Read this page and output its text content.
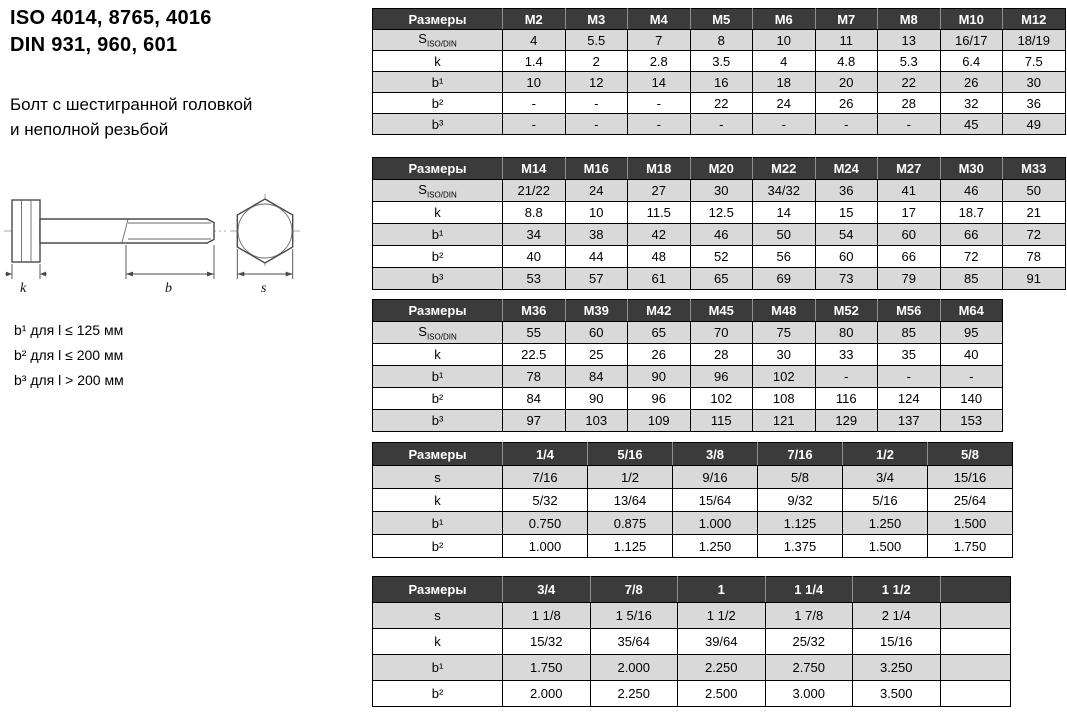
ISO 4014, 8765, 4016
DIN 931, 960, 601
Болт с шестигранной головкой
и неполной резьбой
k	b	s
b¹ для l ≤ 125 мм
b² для l ≤ 200 мм
b³ для l > 200 мм
Размеры	M2	M3	M4	M5	M6	M7	M8	M10	M12
$S_{ISO/DIN}$	4	5.5	7	8	10	11	13	16/17	18/19
k	1.4	2	2.8	3.5	4	4.8	5.3	6.4	7.5
b¹	10	12	14	16	18	20	22	26	30
b²	-	-	-	22	24	26	28	32	36
b³	-	-	-	-	-	-	-	45	49
Размеры	M14	M16	M18	M20	M22	M24	M27	M30	M33
$S_{ISO/DIN}$	21/22	24	27	30	34/32	36	41	46	50
k	8.8	10	11.5	12.5	14	15	17	18.7	21
b¹	34	38	42	46	50	54	60	66	72
b²	40	44	48	52	56	60	66	72	78
b³	53	57	61	65	69	73	79	85	91
Размеры	M36	M39	M42	M45	M48	M52	M56	M64
$S_{ISO/DIN}$	55	60	65	70	75	80	85	95
k	22.5	25	26	28	30	33	35	40
b¹	78	84	90	96	102	-	-	-
b²	84	90	96	102	108	116	124	140
b³	97	103	109	115	121	129	137	153
Размеры	1/4	5/16	3/8	7/16	1/2	5/8
s	7/16	1/2	9/16	5/8	3/4	15/16
k	5/32	13/64	15/64	9/32	5/16	25/64
b¹	0.750	0.875	1.000	1.125	1.250	1.500
b²	1.000	1.125	1.250	1.375	1.500	1.750
Размеры	3/4	7/8	1	1 1/4	1 1/2	
s	1 1/8	1 5/16	1 1/2	1 7/8	2 1/4	
k	15/32	35/64	39/64	25/32	15/16	
b¹	1.750	2.000	2.250	2.750	3.250	
b²	2.000	2.250	2.500	3.000	3.500	
